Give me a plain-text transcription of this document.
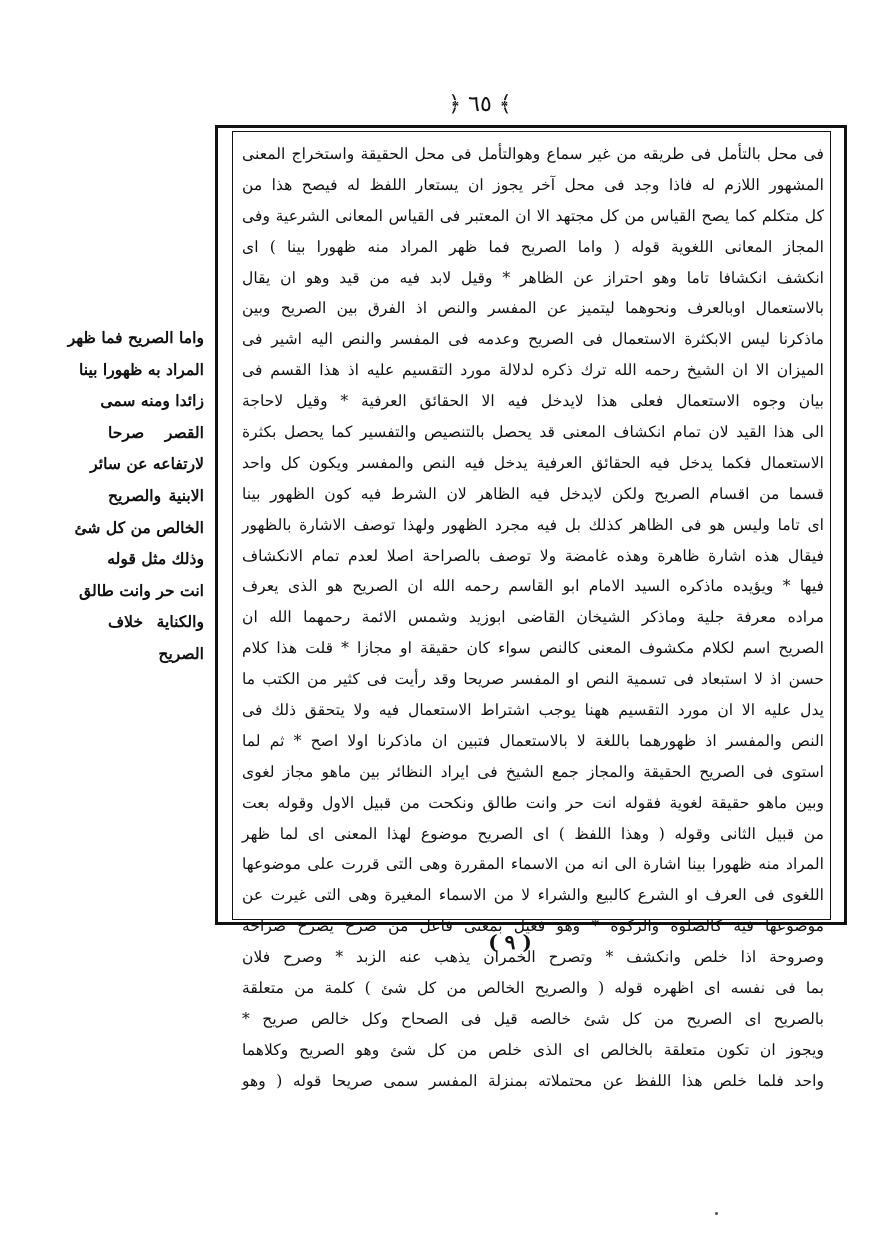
﴿ ٦٥ ﴾
فى محل بالتأمل فى طريقه من غير سماع وهوالتأمل فى محل الحقيقة واستخراج المعنى
المشهور اللازم له فاذا وجد فى محل آخر يجوز ان يستعار اللفظ له فيصح هذا من
كل متكلم كما يصح القياس من كل مجتهد الا ان المعتبر فى القياس المعانى الشرعية وفى
المجاز المعانى اللغوية قوله ( واما الصريح فما ظهر المراد منه ظهورا بينا ) اى
انكشف انكشافا تاما وهو احتراز عن الظاهر * وقيل لابد فيه من قيد وهو ان يقال
بالاستعمال اوبالعرف ونحوهما ليتميز عن المفسر والنص اذ الفرق بين الصريح وبين
ماذكرنا ليس الابكثرة الاستعمال فى الصريح وعدمه فى المفسر والنص اليه اشير فى
الميزان الا ان الشيخ رحمه الله ترك ذكره لدلالة مورد التقسيم عليه اذ هذا القسم فى
بيان وجوه الاستعمال فعلى هذا لايدخل فيه الا الحقائق العرفية * وقيل لاحاجة
الى هذا القيد لان تمام انكشاف المعنى قد يحصل بالتنصيص والتفسير كما يحصل بكثرة
الاستعمال فكما يدخل فيه الحقائق العرفية يدخل فيه النص والمفسر ويكون كل واحد
قسما من اقسام الصريح ولكن لايدخل فيه الظاهر لان الشرط فيه كون الظهور بينا
اى تاما وليس هو فى الظاهر كذلك بل فيه مجرد الظهور ولهذا توصف الاشارة بالظهور
فيقال هذه اشارة ظاهرة وهذه غامضة ولا توصف بالصراحة اصلا لعدم تمام الانكشاف
فيها * ويؤيده ماذكره السيد الامام ابو القاسم رحمه الله ان الصريح هو الذى يعرف
مراده معرفة جلية وماذكر الشيخان القاضى ابوزيد وشمس الائمة رحمهما الله ان
الصريح اسم لكلام مكشوف المعنى كالنص سواء كان حقيقة او مجازا * قلت هذا كلام
حسن اذ لا استبعاد فى تسمية النص او المفسر صريحا وقد رأيت فى كثير من الكتب ما
يدل عليه الا ان مورد التقسيم ههنا يوجب اشتراط الاستعمال فيه ولا يتحقق ذلك فى
النص والمفسر اذ ظهورهما باللغة لا بالاستعمال فتبين ان ماذكرنا اولا اصح * ثم لما
استوى فى الصريح الحقيقة والمجاز جمع الشيخ فى ايراد النظائر بين ماهو مجاز لغوى
وبين ماهو حقيقة لغوية فقوله انت حر وانت طالق ونكحت من قبيل الاول وقوله بعت
من قبيل الثانى وقوله ( وهذا اللفظ ) اى الصريح موضوع لهذا المعنى اى لما ظهر
المراد منه ظهورا بينا اشارة الى انه من الاسماء المقررة وهى التى قررت على موضوعها
اللغوى فى العرف او الشرع كالبيع والشراء لا من الاسماء المغيرة وهى التى غيرت عن
موضوعها فيه كالصلوة والزكوة * وهو فعيل بمعنى فاعل من صرح يصرح صراحة
وصروحة اذا خلص وانكشف * وتصرح الخمران يذهب عنه الزبد * وصرح فلان
بما فى نفسه اى اظهره قوله ( والصريح الخالص من كل شئ ) كلمة من متعلقة
بالصريح اى الصريح من كل شئ خالصه قيل فى الصحاح وكل خالص صريح *
ويجوز ان تكون متعلقة بالخالص اى الذى خلص من كل شئ وهو الصريح وكلاهما
واحد فلما خلص هذا اللفظ عن محتملاته بمنزلة المفسر سمى صريحا قوله ( وهو
واما الصريح فما ظهر
المراد به ظهورا بينا
زائدا ومنه سمى
القصر صرحا
لارتفاعه عن سائر
الابنية والصريح
الخالص من كل شئ
وذلك مثل قوله
انت حر وانت طالق
والكناية خلاف
الصريح
( ٩ )
